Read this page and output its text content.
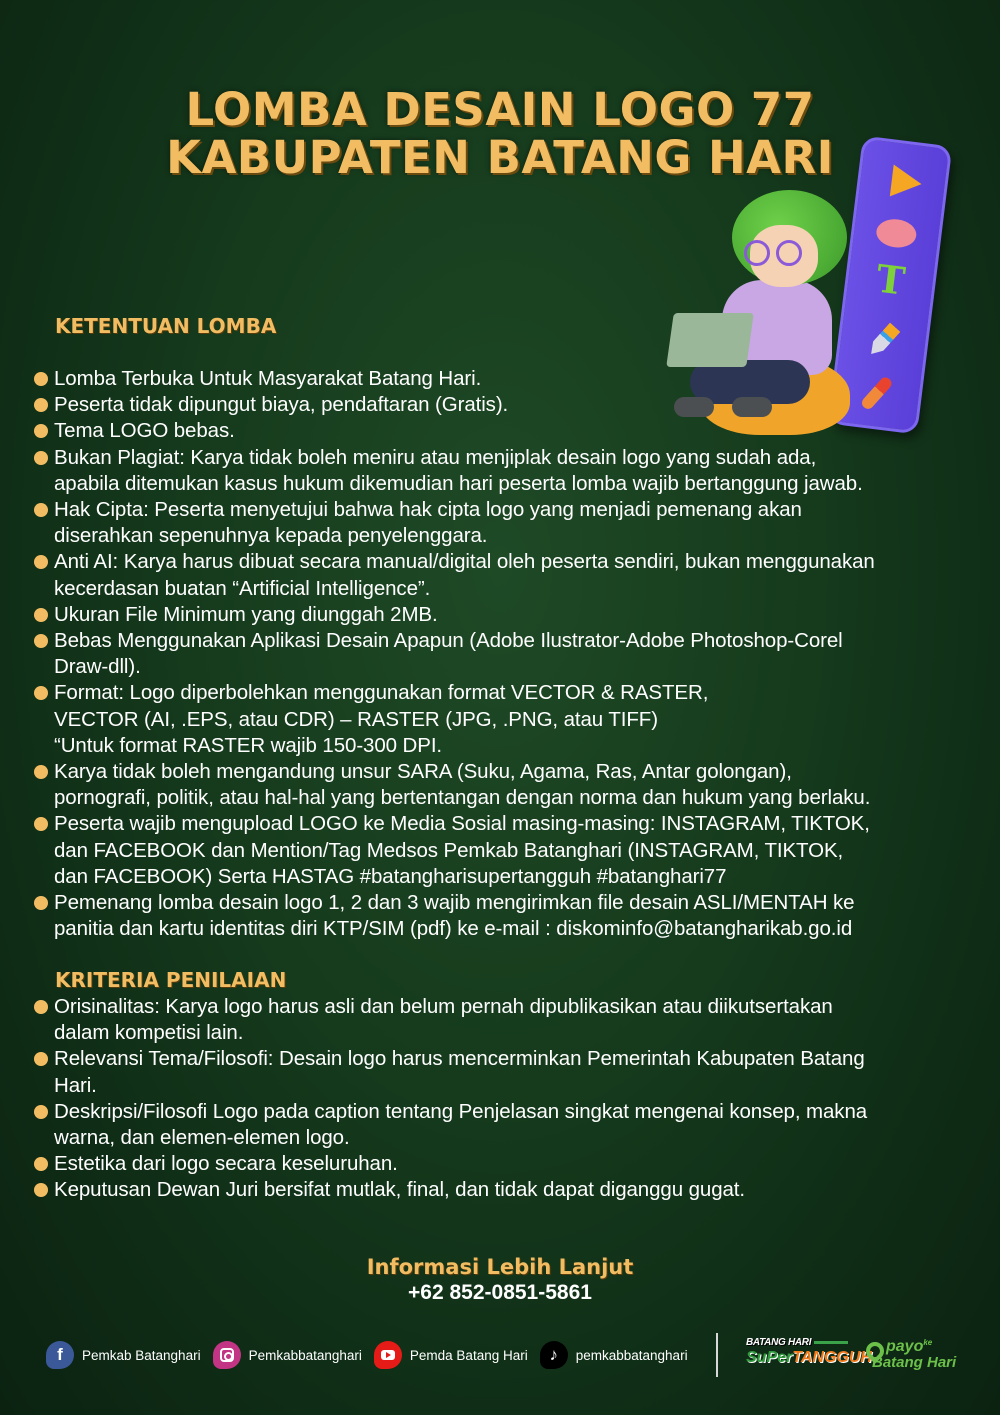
LOMBA DESAIN LOGO 77
KABUPATEN BATANG HARI
T
KETENTUAN LOMBA
Lomba Terbuka Untuk Masyarakat Batang Hari.
Peserta tidak dipungut biaya, pendaftaran (Gratis).
Tema LOGO bebas.
Bukan Plagiat: Karya tidak boleh meniru atau menjiplak desain logo yang sudah ada,
apabila ditemukan kasus hukum dikemudian hari peserta lomba wajib bertanggung jawab.
Hak Cipta: Peserta menyetujui bahwa hak cipta logo yang menjadi pemenang akan
diserahkan sepenuhnya kepada penyelenggara.
Anti AI: Karya harus dibuat secara manual/digital oleh peserta sendiri, bukan menggunakan
kecerdasan buatan “Artificial Intelligence”.
Ukuran File Minimum yang diunggah 2MB.
Bebas Menggunakan Aplikasi Desain Apapun (Adobe Ilustrator-Adobe Photoshop-Corel
Draw-dll).
Format: Logo diperbolehkan menggunakan format VECTOR & RASTER,
VECTOR (AI, .EPS, atau CDR) – RASTER (JPG, .PNG, atau TIFF)
“Untuk format RASTER wajib 150-300 DPI.
Karya tidak boleh mengandung unsur SARA (Suku, Agama, Ras, Antar golongan),
pornografi, politik, atau hal-hal yang bertentangan dengan norma dan hukum yang berlaku.
Peserta wajib mengupload LOGO ke Media Sosial masing-masing: INSTAGRAM, TIKTOK,
dan FACEBOOK dan Mention/Tag Medsos Pemkab Batanghari (INSTAGRAM, TIKTOK,
dan FACEBOOK) Serta HASTAG #batangharisupertangguh #batanghari77
Pemenang lomba desain logo 1, 2 dan 3 wajib mengirimkan file desain ASLI/MENTAH ke
panitia dan kartu identitas diri KTP/SIM (pdf) ke e-mail : diskominfo@batangharikab.go.id
KRITERIA PENILAIAN
Orisinalitas: Karya logo harus asli dan belum pernah dipublikasikan atau diikutsertakan
dalam kompetisi lain.
Relevansi Tema/Filosofi: Desain logo harus mencerminkan Pemerintah Kabupaten Batang
Hari.
Deskripsi/Filosofi Logo pada caption tentang Penjelasan singkat mengenai konsep, makna
warna, dan elemen-elemen logo.
Estetika dari logo secara keseluruhan.
Keputusan Dewan Juri bersifat mutlak, final, dan tidak dapat diganggu gugat.
Informasi Lebih Lanjut
+62 852-0851-5861
f	Pemkab Batanghari	Pemkabbatanghari	Pemda Batang Hari	♪	pemkabbatanghari
BATANG HARI
SuPerTANGGUH
payo$^{ke}$
Batang Hari
